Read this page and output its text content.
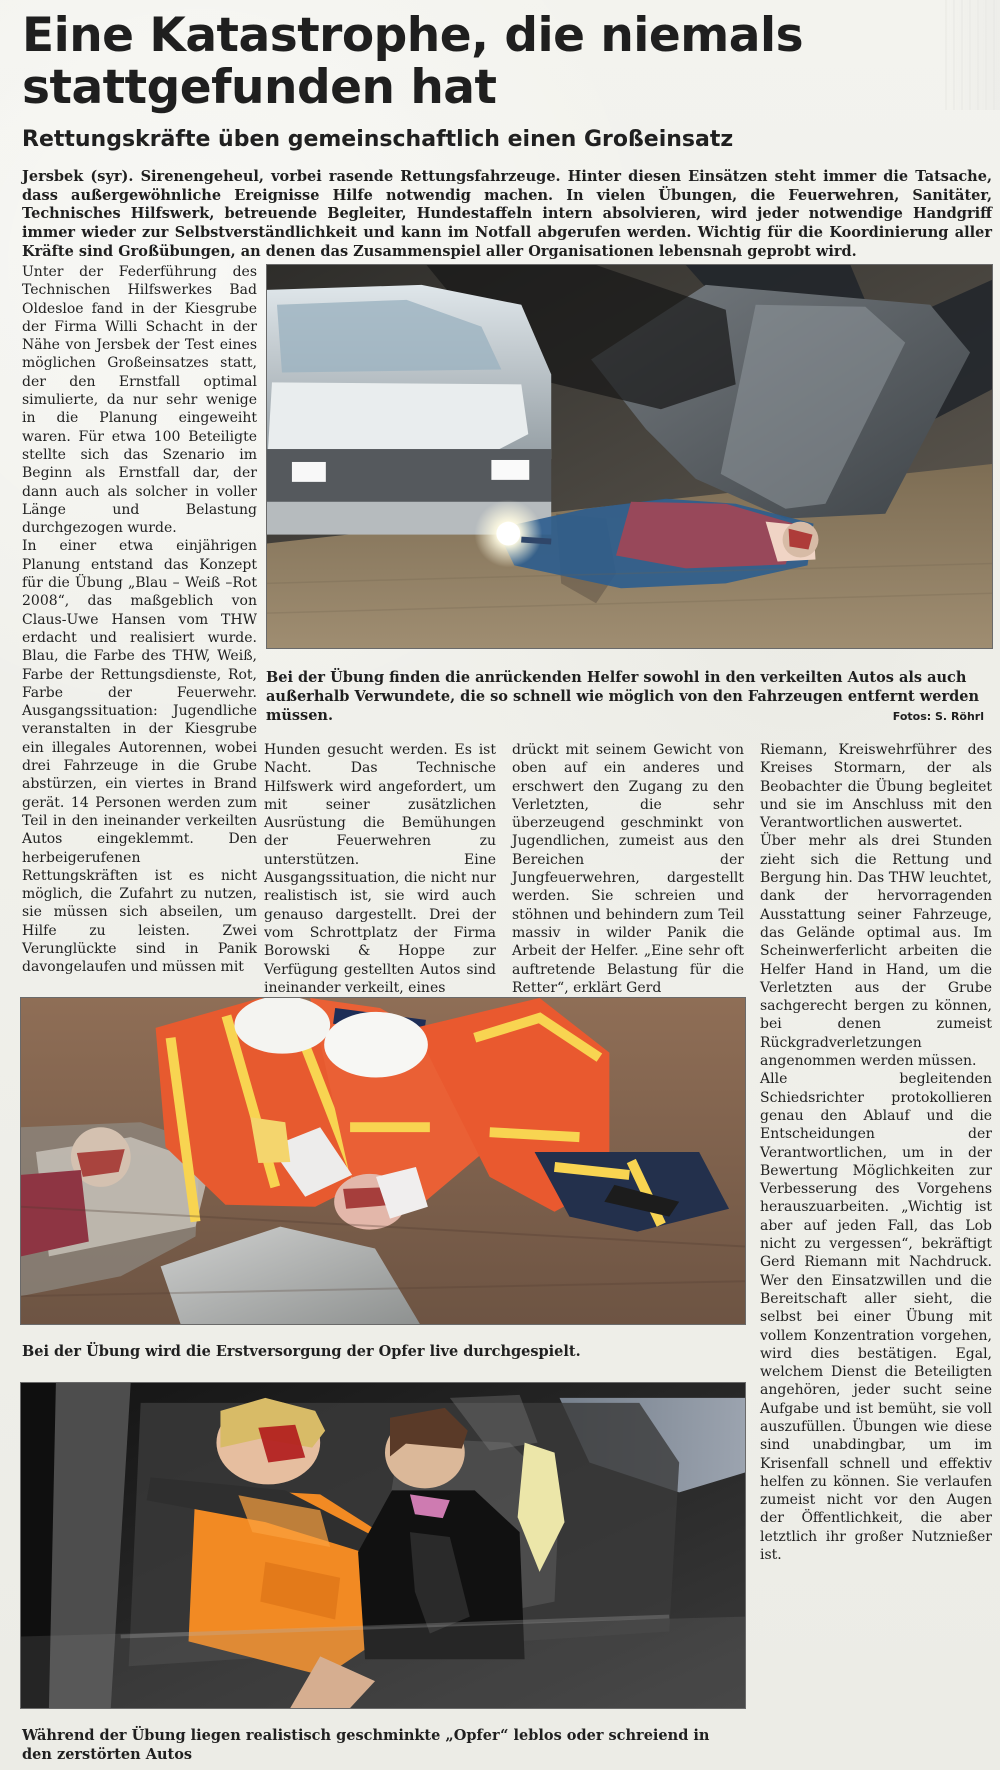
Eine Katastrophe, die niemals stattgefunden hat
Rettungskräfte üben gemeinschaftlich einen Großeinsatz

Jersbek (syr). Sirenengeheul, vorbei rasende Rettungsfahrzeuge. Hinter diesen Einsätzen steht immer die Tatsache, dass außergewöhnliche Ereignisse Hilfe notwendig machen. In vielen Übungen, die Feuerwehren, Sanitäter, Technisches Hilfswerk, betreuende Begleiter, Hundestaffeln intern absolvieren, wird jeder notwendige Handgriff immer wieder zur Selbstverständlichkeit und kann im Notfall abgerufen werden. Wichtig für die Koordinierung aller Kräfte sind Großübungen, an denen das Zusammenspiel aller Organisationen lebensnah geprobt wird.

Unter der Federführung des Technischen Hilfswerkes Bad Oldesloe fand in der Kiesgrube der Firma Willi Schacht in der Nähe von Jersbek der Test eines möglichen Großeinsatzes statt, der den Ernstfall optimal simulierte, da nur sehr wenige in die Planung eingeweiht waren. Für etwa 100 Beteiligte stellte sich das Szenario im Beginn als Ernstfall dar, der dann auch als solcher in voller Länge und Belastung durchgezogen wurde.
In einer etwa einjährigen Planung entstand das Konzept für die Übung „Blau – Weiß –Rot 2008“, das maßgeblich von Claus-Uwe Hansen vom THW erdacht und realisiert wurde. Blau, die Farbe des THW, Weiß, Farbe der Rettungsdienste, Rot, Farbe der Feuerwehr. Ausgangssituation: Jugendliche veranstalten in der Kiesgrube ein illegales Autorennen, wobei drei Fahrzeuge in die Grube abstürzen, ein viertes in Brand gerät. 14 Personen werden zum Teil in den ineinander verkeilten Autos eingeklemmt. Den herbeigerufenen Rettungskräften ist es nicht möglich, die Zufahrt zu nutzen, sie müssen sich abseilen, um Hilfe zu leisten. Zwei Verunglückte sind in Panik davongelaufen und müssen mit

Bei der Übung finden die anrückenden Helfer sowohl in den verkeilten Autos als auch außerhalb Verwundete, die so schnell wie möglich von den Fahrzeugen entfernt werden müssen.	Fotos: S. Röhrl

Hunden gesucht werden. Es ist Nacht. Das Technische Hilfswerk wird angefordert, um mit seiner zusätzlichen Ausrüstung die Bemühungen der Feuerwehren zu unterstützen. Eine Ausgangssituation, die nicht nur realistisch ist, sie wird auch genauso dargestellt. Drei der vom Schrottplatz der Firma Borowski & Hoppe zur Verfügung gestellten Autos sind ineinander verkeilt, eines
drückt mit seinem Gewicht von oben auf ein anderes und erschwert den Zugang zu den Verletzten, die sehr überzeugend geschminkt von Jugendlichen, zumeist aus den Bereichen der Jungfeuerwehren, dargestellt werden. Sie schreien und stöhnen und behindern zum Teil massiv in wilder Panik die Arbeit der Helfer. „Eine sehr oft auftretende Belastung für die Retter“, erklärt Gerd
Riemann, Kreiswehrführer des Kreises Stormarn, der als Beobachter die Übung begleitet und sie im Anschluss mit den Verantwortlichen auswertet.
Über mehr als drei Stunden zieht sich die Rettung und Bergung hin. Das THW leuchtet, dank der hervorragenden Ausstattung seiner Fahrzeuge, das Gelände optimal aus. Im Scheinwerferlicht arbeiten die Helfer Hand in Hand, um die Verletzten aus der Grube sachgerecht bergen zu können, bei denen zumeist Rückgradverletzungen angenommen werden müssen.
Alle begleitenden Schiedsrichter protokollieren genau den Ablauf und die Entscheidungen der Verantwortlichen, um in der Bewertung Möglichkeiten zur Verbesserung des Vorgehens herauszuarbeiten. „Wichtig ist aber auf jeden Fall, das Lob nicht zu vergessen“, bekräftigt Gerd Riemann mit Nachdruck. Wer den Einsatzwillen und die Bereitschaft aller sieht, die selbst bei einer Übung mit vollem Konzentration vorgehen, wird dies bestätigen. Egal, welchem Dienst die Beteiligten angehören, jeder sucht seine Aufgabe und ist bemüht, sie voll auszufüllen. Übungen wie diese sind unabdingbar, um im Krisenfall schnell und effektiv helfen zu können. Sie verlaufen zumeist nicht vor den Augen der Öffentlichkeit, die aber letztlich ihr großer Nutznießer ist.

Bei der Übung wird die Erstversorgung der Opfer live durchgespielt.

Während der Übung liegen realistisch geschminkte „Opfer“ leblos oder schreiend in den zerstörten Autos
